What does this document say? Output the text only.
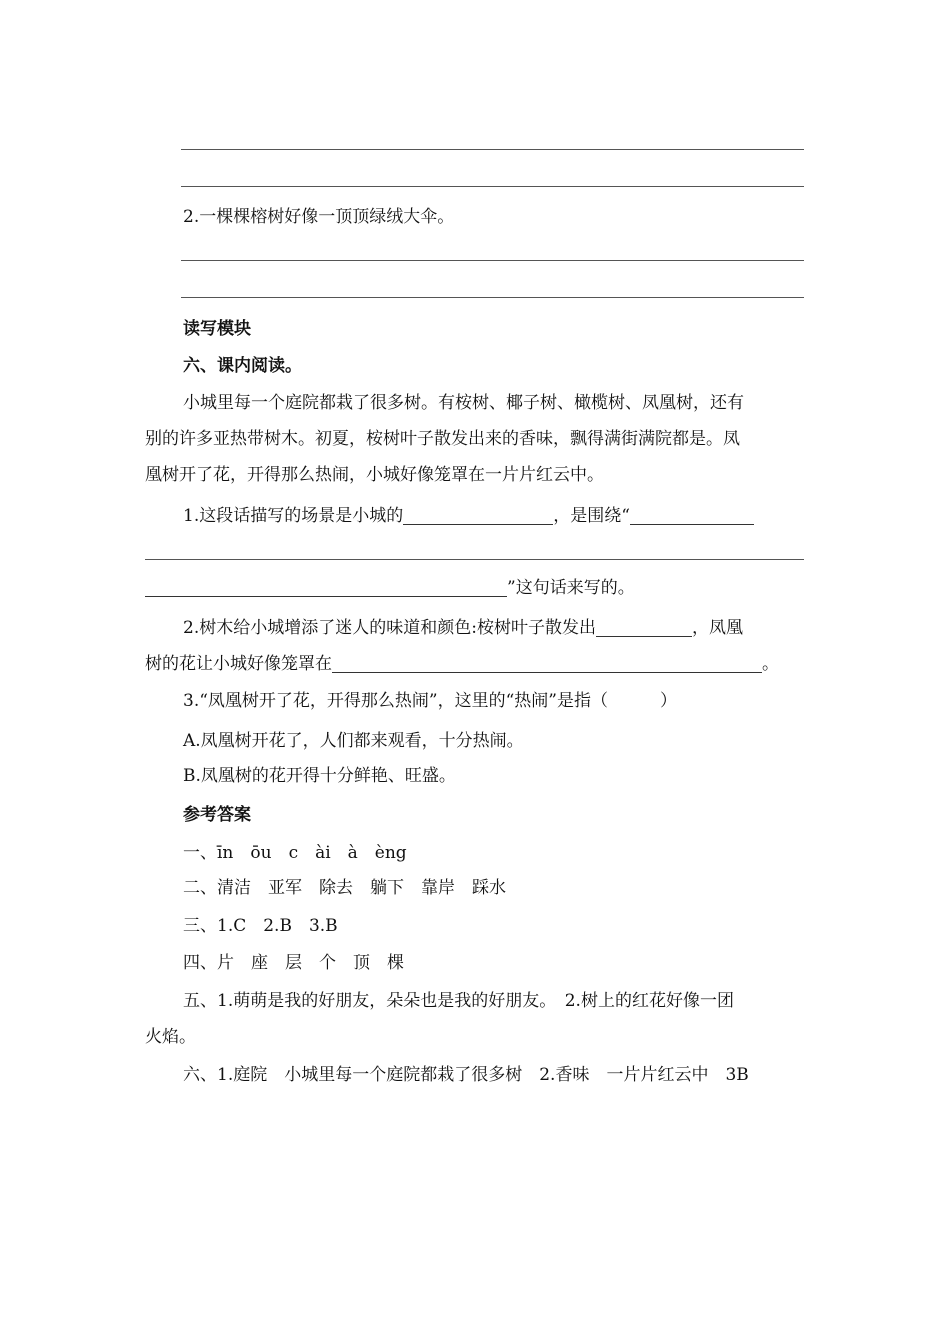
2.一棵棵榕树好像一顶顶绿绒大伞。
读写模块
六、课内阅读。
小城里每一个庭院都栽了很多树。有桉树、椰子树、橄榄树、凤凰树，还有
别的许多亚热带树木。初夏，桉树叶子散发出来的香味，飘得满街满院都是。凤
凰树开了花，开得那么热闹，小城好像笼罩在一片片红云中。
1.这段话描写的场景是小城的	，是围绕“
”这句话来写的。
2.树木给小城增添了迷人的味道和颜色:桉树叶子散发出	，凤凰
树的花让小城好像笼罩在	。
3.“凤凰树开了花，开得那么热闹”，这里的“热闹”是指（	）
A.凤凰树开花了，人们都来观看，十分热闹。
B.凤凰树的花开得十分鲜艳、旺盛。
参考答案
一、īn　ōu　c　ài　à　èng
二、清洁　亚军　除去　躺下　靠岸　踩水
三、1.C　2.B　3.B
四、片　座　层　个　顶　棵
五、1.萌萌是我的好朋友，朵朵也是我的好朋友。　2.树上的红花好像一团
火焰。
六、1.庭院　小城里每一个庭院都栽了很多树　2.香味　一片片红云中　3B
